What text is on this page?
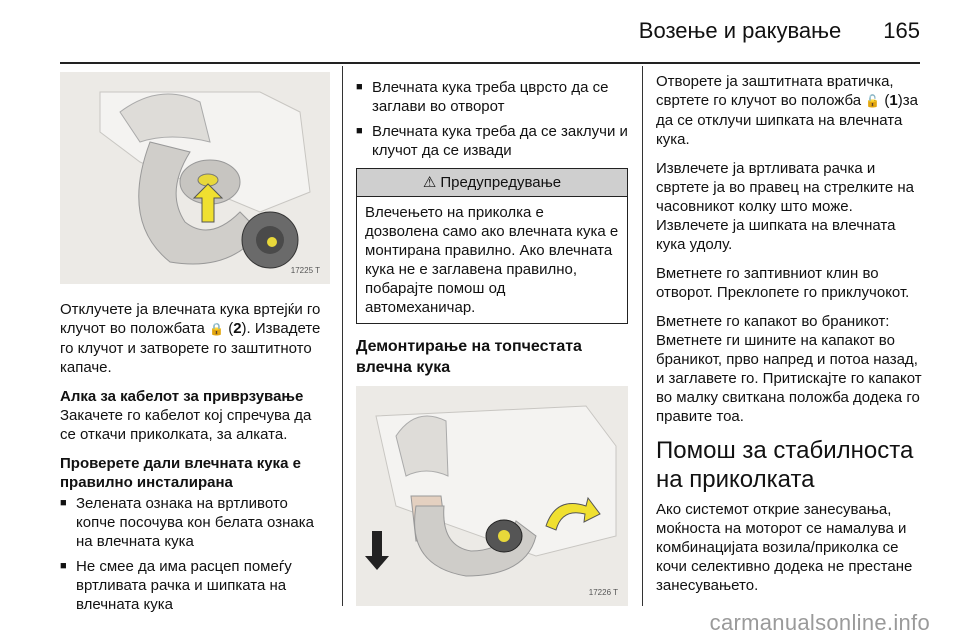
Возење и ракување 165
17225 T

Отклучете ја влечната кука вртејќи го клучот во положбата 🔒 (2). Извадете го клучот и затворете го заштитното капаче.

Алка за кабелот за приврзување

Закачете го кабелот кој спречува да се откачи приколката, за алката.

Проверете дали влечната кука е правилно инсталирана
■ Зелената ознака на вртливото копче посочува кон белата ознака на влечната кука
■ Не смее да има расцеп помеѓу вртливата рачка и шипката на влечната кука
■ Влечната кука треба цврсто да се заглави во отворот
■ Влечната кука треба да се заклучи и клучот да се извади
⚠ Предупредување
Влечењето на приколка е дозволена само ако влечната кука е монтирана правилно. Ако влечната кука не е заглавена правилно, побарајте помош од автомеханичар.
Демонтирање на топчестата влечна кука
17226 T

Отворете ја заштитната вратичка, свртете го клучот во положба 🔓 (1)за да се отклучи шипката на влечната кука.

Извлечете ја вртливата рачка и свртете ја во правец на стрелките на часовникот колку што може. Извлечете ја шипката на влечната кука удолу.

Вметнете го заптивниот клин во отворот. Преклопете го приклучокот.

Вметнете го капакот во браникот: Вметнете ги шините на капакот во браникот, прво напред и потоа назад, и заглавете го. Притискајте го капакот во малку свиткана положба додека го правите тоа.

Помош за стабилноста на приколката

Ако системот открие занесувања, моќноста на моторот се намалува и комбинацијата возила/приколка се кочи селективно додека не престане занесувањето.

carmanualsonline.info
